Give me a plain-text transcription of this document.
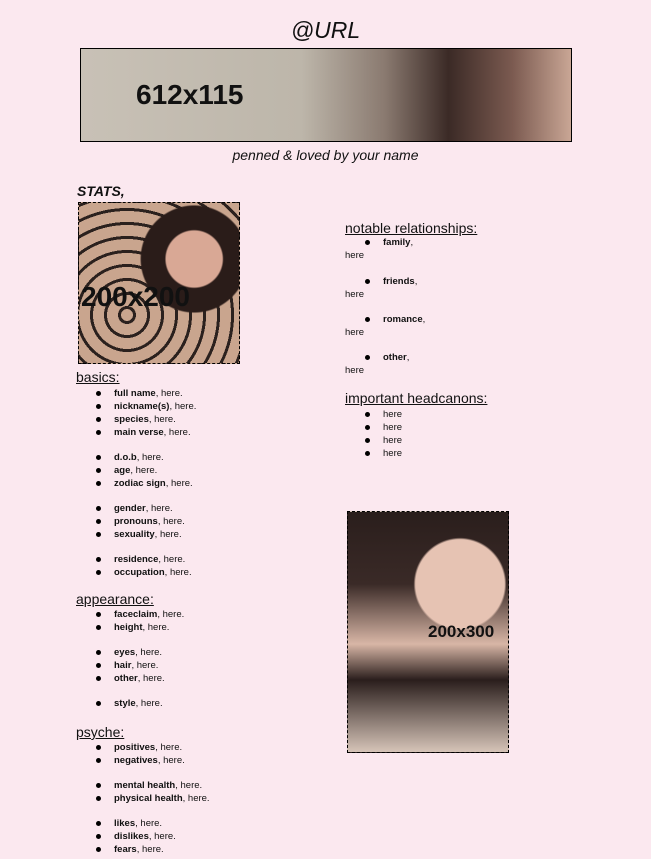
@URL
612x115
penned & loved by your name
STATS,
200x200
basics:
full name, here.
nickname(s), here.
species, here.
main verse, here.
d.o.b, here.
age, here.
zodiac sign, here.
gender, here.
pronouns, here.
sexuality, here.
residence, here.
occupation, here.
appearance:
faceclaim, here.
height, here.
eyes, here.
hair, here.
other, here.
style, here.
psyche:
positives, here.
negatives, here.
mental health, here.
physical health, here.
likes, here.
dislikes, here.
fears, here.
notable relationships:
family,
here
friends,
here
romance,
here
other,
here
important headcanons:
here
here
here
here
200x300
